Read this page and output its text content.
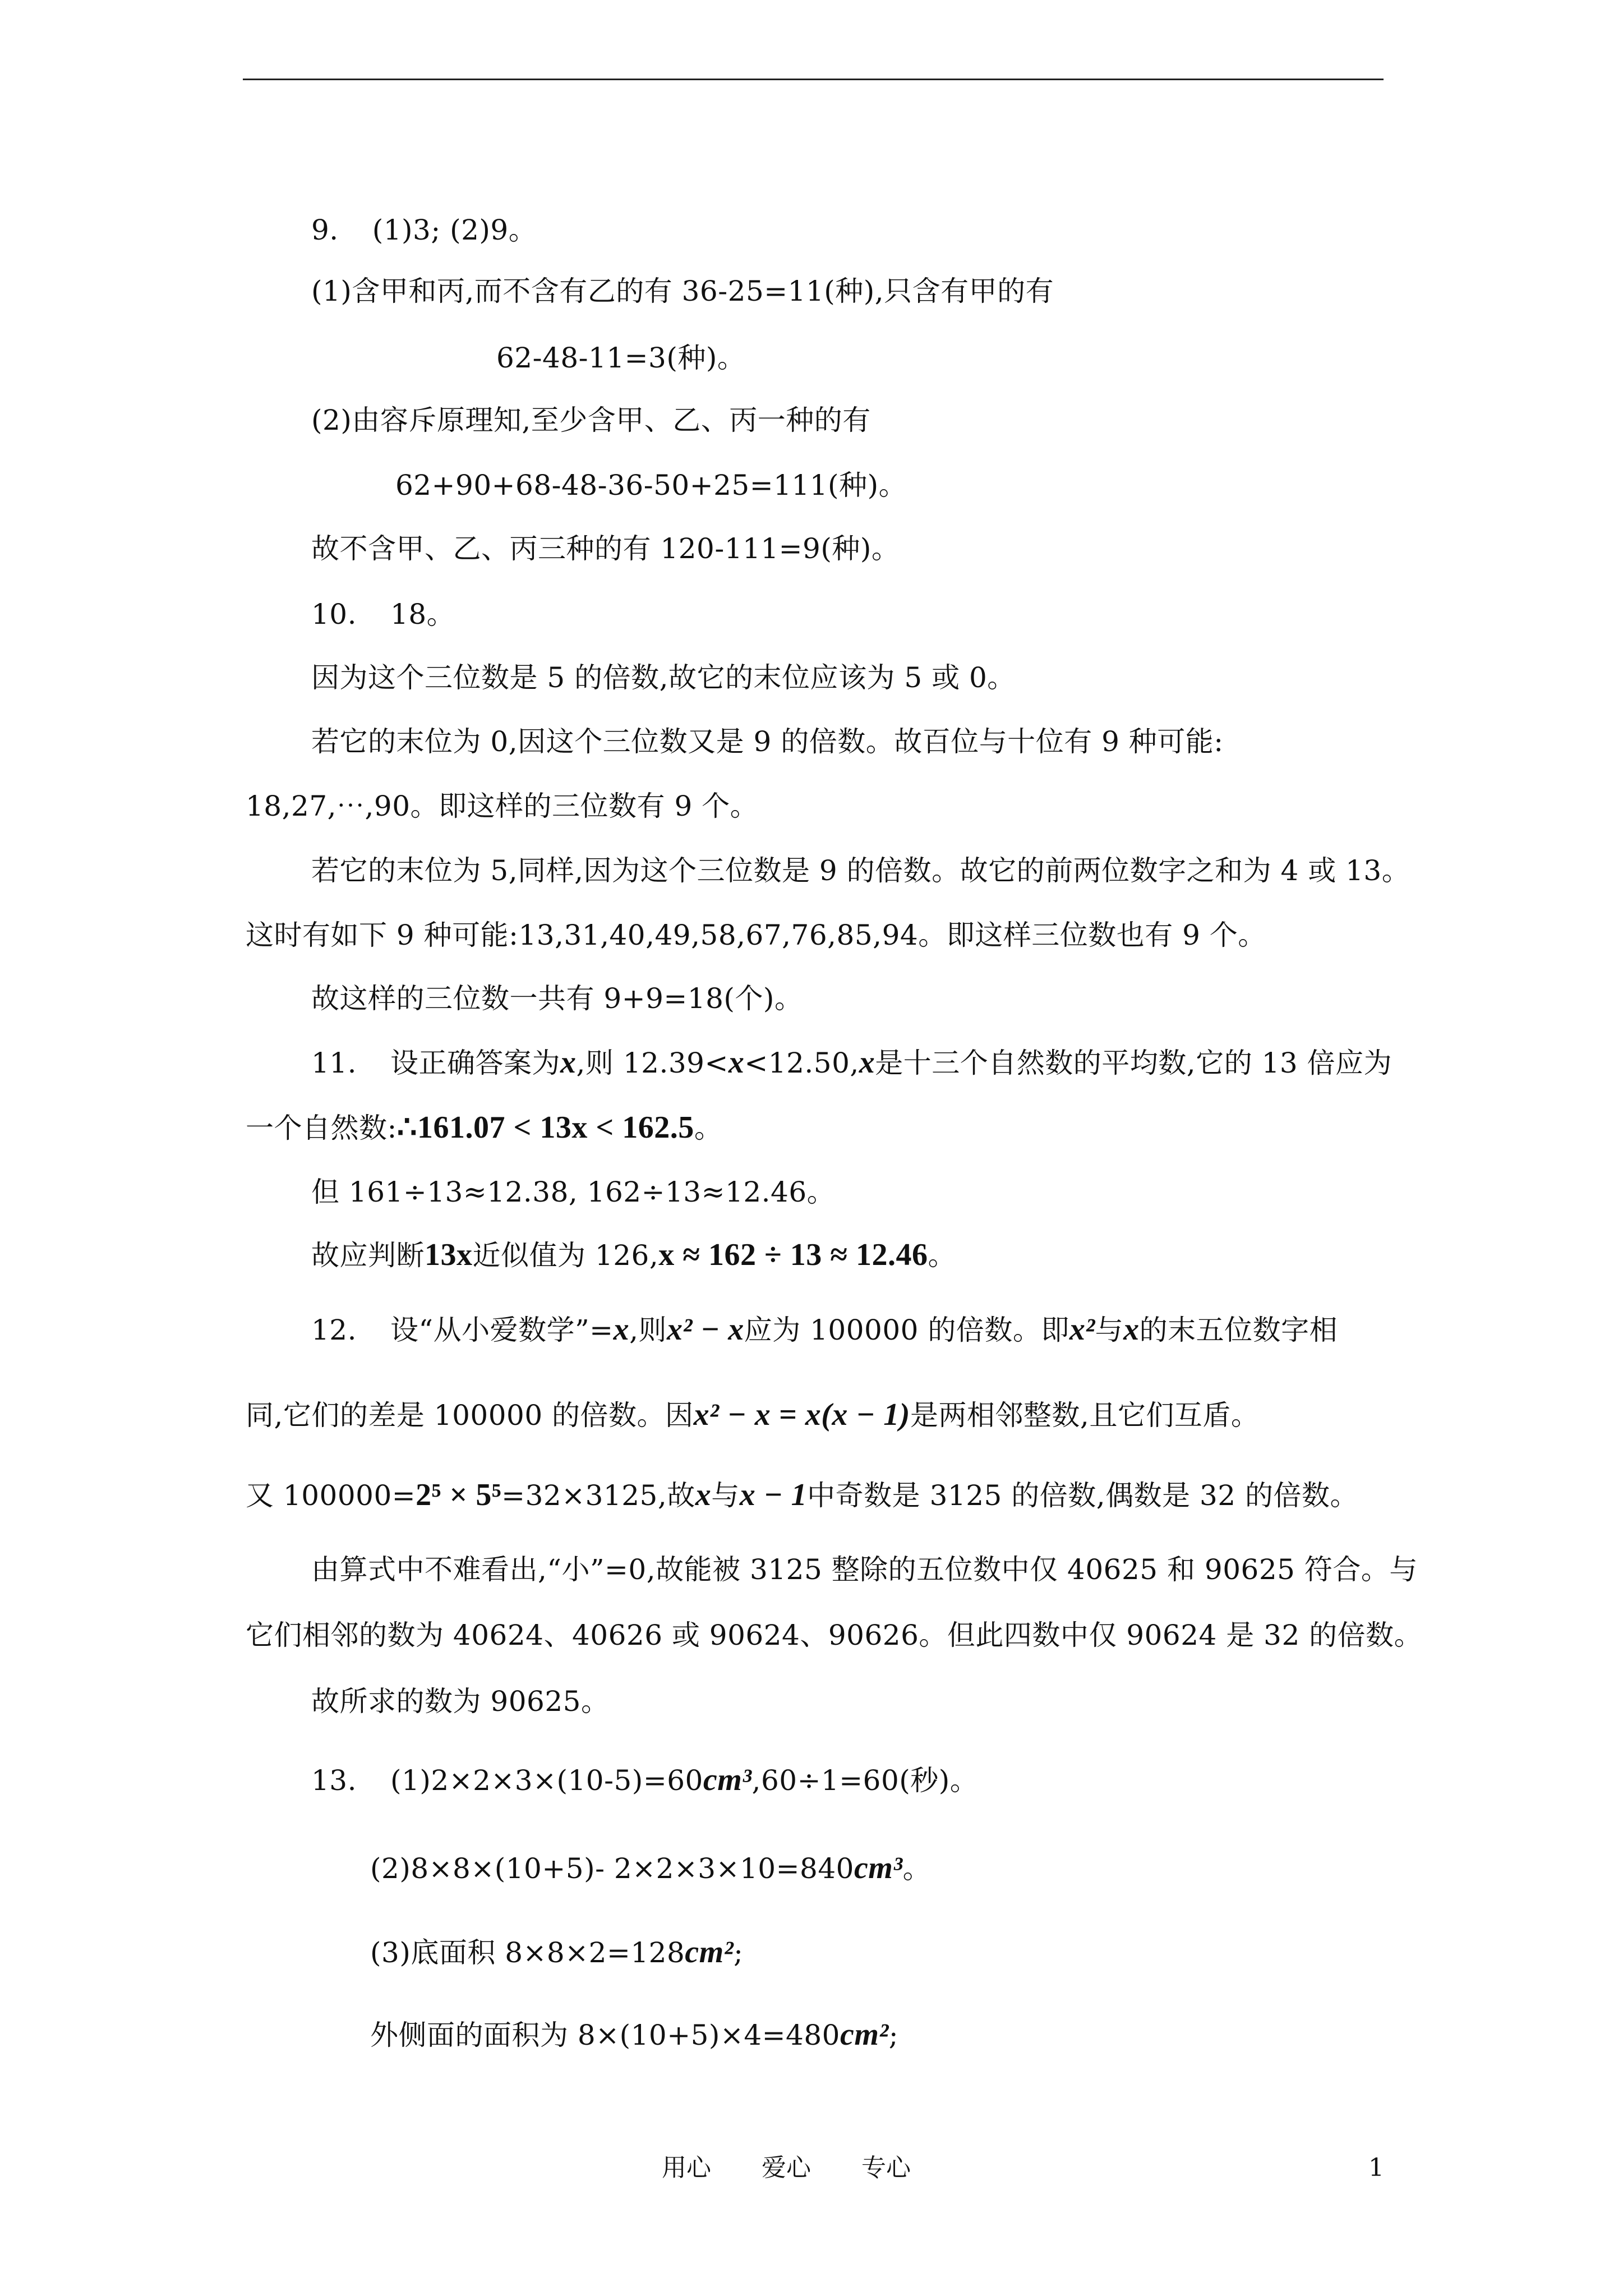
9. (1)3; (2)9。
(1)含甲和丙,而不含有乙的有 36-25=11(种),只含有甲的有
62-48-11=3(种)。
(2)由容斥原理知,至少含甲、乙、丙一种的有
62+90+68-48-36-50+25=111(种)。
故不含甲、乙、丙三种的有 120-111=9(种)。
10. 18。
因为这个三位数是 5 的倍数,故它的末位应该为 5 或 0。
若它的末位为 0,因这个三位数又是 9 的倍数。故百位与十位有 9 种可能:
18,27,⋯,90。即这样的三位数有 9 个。
若它的末位为 5,同样,因为这个三位数是 9 的倍数。故它的前两位数字之和为 4 或 13。
这时有如下 9 种可能:13,31,40,49,58,67,76,85,94。即这样三位数也有 9 个。
故这样的三位数一共有 9+9=18(个)。
11. 设正确答案为x,则 12.39<x<12.50,x是十三个自然数的平均数,它的 13 倍应为
一个自然数:∴161.07 < 13x < 162.5。
但 161÷13≈12.38, 162÷13≈12.46。
故应判断13x近似值为 126,x ≈ 162 ÷ 13 ≈ 12.46。
12. 设“从小爱数学”=x,则x² − x应为 100000 的倍数。即x²与x的末五位数字相
同,它们的差是 100000 的倍数。因x² − x = x(x − 1)是两相邻整数,且它们互盾。
又 100000=2⁵ × 5⁵=32×3125,故x与x − 1中奇数是 3125 的倍数,偶数是 32 的倍数。
由算式中不难看出,“小”=0,故能被 3125 整除的五位数中仅 40625 和 90625 符合。与
它们相邻的数为 40624、40626 或 90624、90626。但此四数中仅 90624 是 32 的倍数。
故所求的数为 90625。
13. (1)2×2×3×(10-5)=60cm³,60÷1=60(秒)。
(2)8×8×(10+5)- 2×2×3×10=840cm³。
(3)底面积 8×8×2=128cm²;
外侧面的面积为 8×(10+5)×4=480cm²;
用心 爱心 专心	1
